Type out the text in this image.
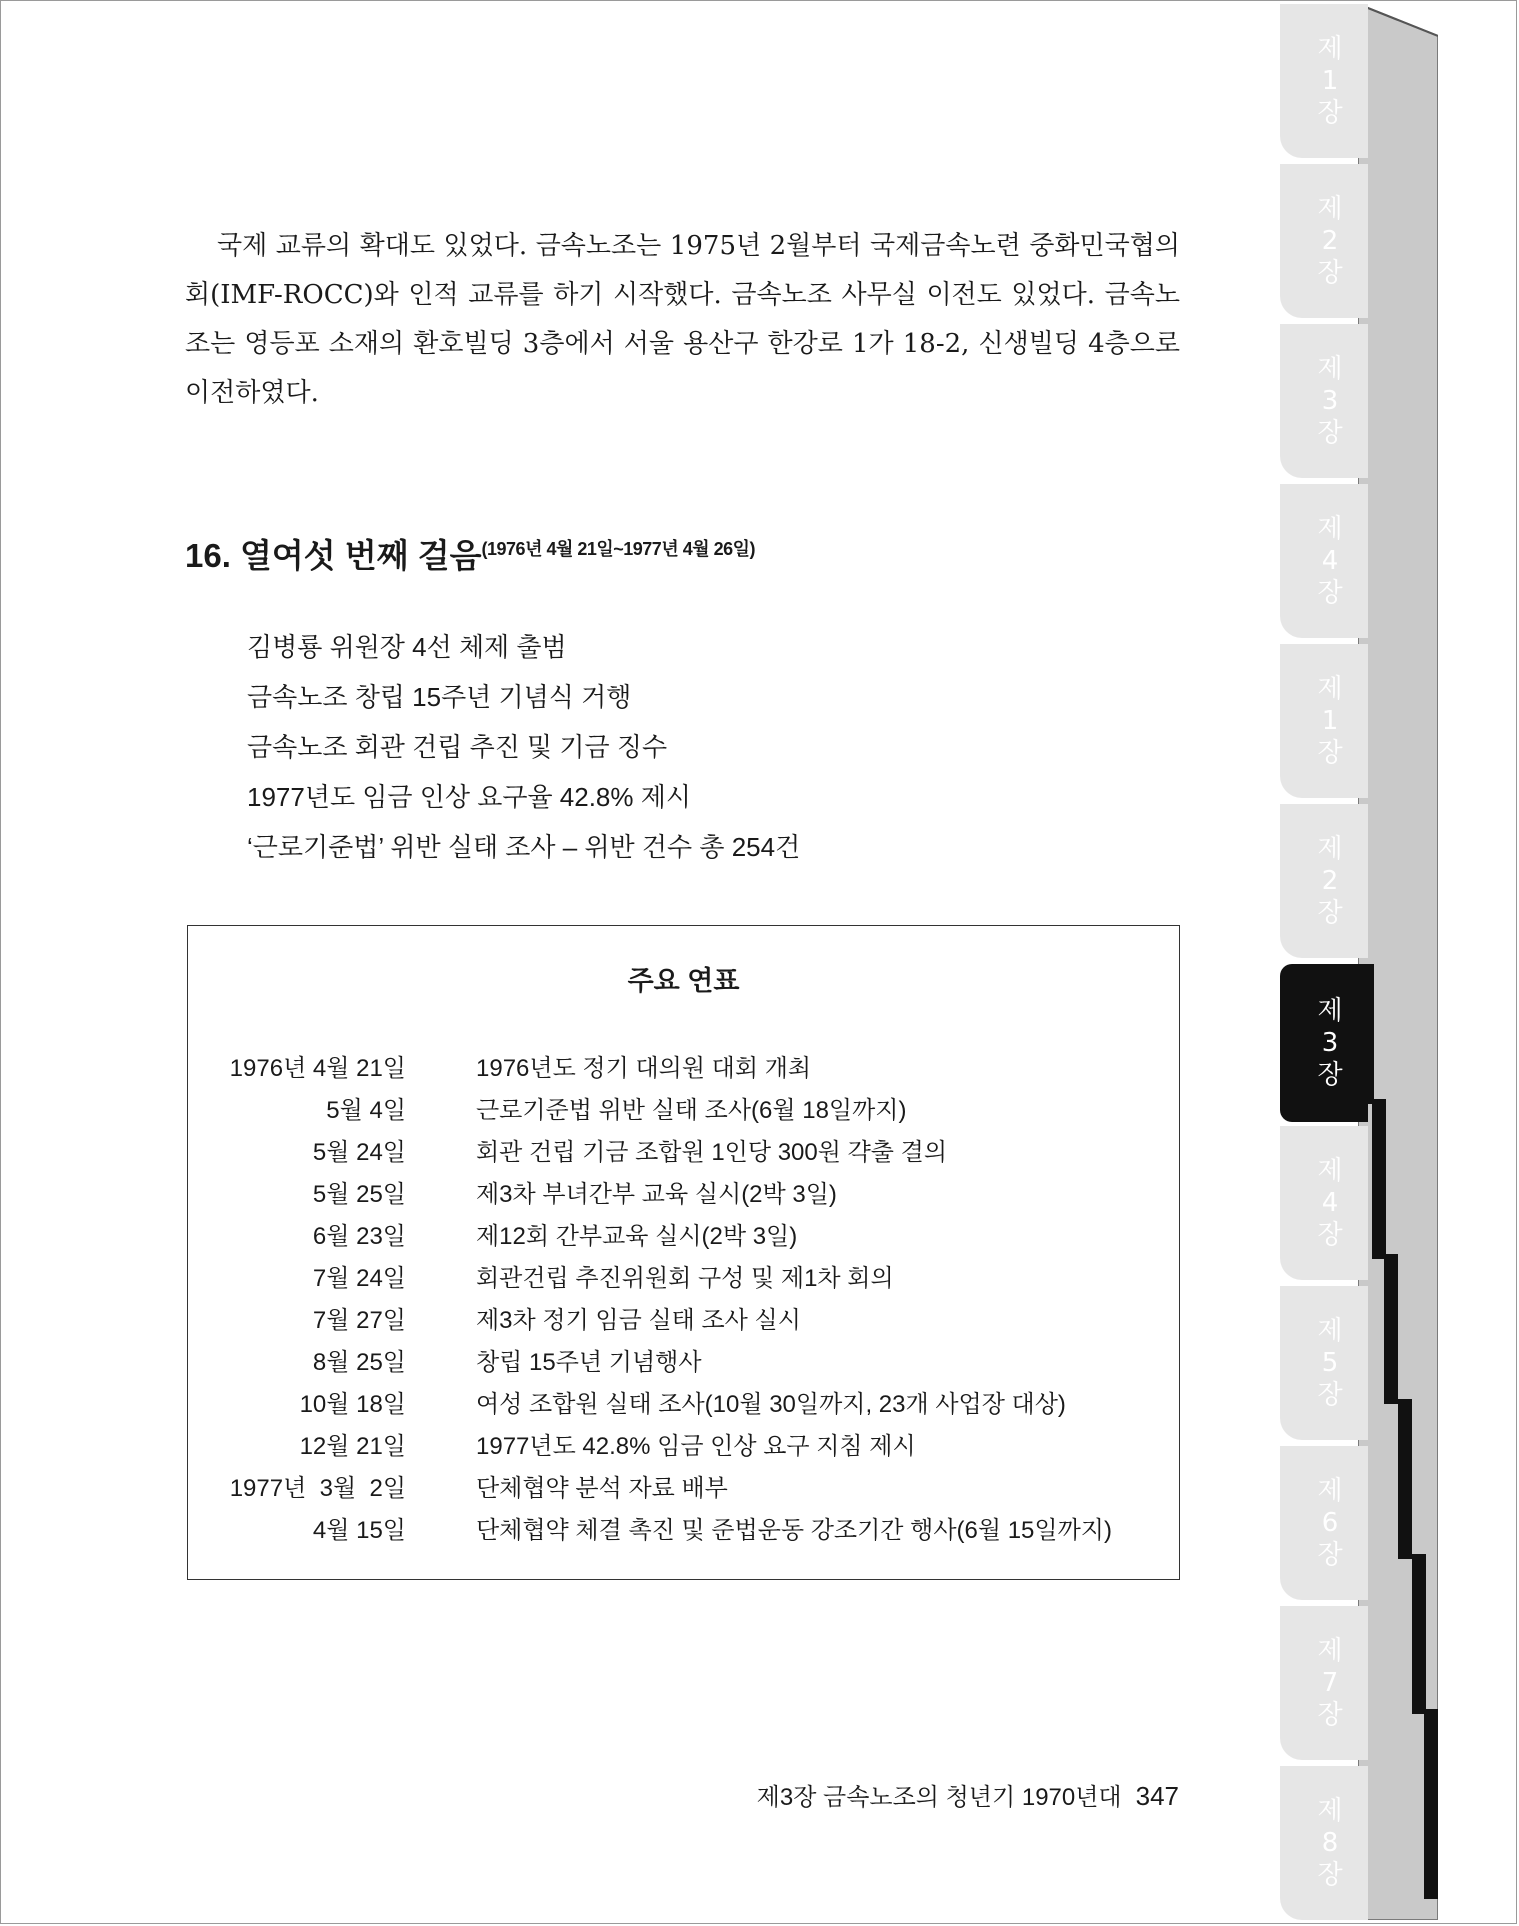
제
1
장
제
2
장
제
3
장
제
4
장
제
1
장
제
2
장
제
3
장
제
4
장
제
5
장
제
6
장
제
7
장
제
8
장

국제 교류의 확대도 있었다. 금속노조는 1975년 2월부터 국제금속노련 중화민국협의회(IMF-ROCC)와 인적 교류를 하기 시작했다. 금속노조 사무실 이전도 있었다. 금속노조는 영등포 소재의 환호빌딩 3층에서 서울 용산구 한강로 1가 18-2, 신생빌딩 4층으로 이전하였다.

16. 열여섯 번째 걸음$^{(1976년 4월 21일\sim 1977년 4월 26일)}$
김병룡 위원장 4선 체제 출범
금속노조 창립 15주년 기념식 거행
금속노조 회관 건립 추진 및 기금 징수
1977년도 임금 인상 요구율 42.8% 제시
‘근로기준법’ 위반 실태 조사 – 위반 건수 총 254건
주요 연표
1976년 4월 21일	1976년도 정기 대의원 대회 개최
5월 4일	근로기준법 위반 실태 조사(6월 18일까지)
5월 24일	회관 건립 기금 조합원 1인당 300원 갹출 결의
5월 25일	제3차 부녀간부 교육 실시(2박 3일)
6월 23일	제12회 간부교육 실시(2박 3일)
7월 24일	회관건립 추진위원회 구성 및 제1차 회의
7월 27일	제3차 정기 임금 실태 조사 실시
8월 25일	창립 15주년 기념행사
10월 18일	여성 조합원 실태 조사(10월 30일까지, 23개 사업장 대상)
12월 21일	1977년도 42.8% 임금 인상 요구 지침 제시
1977년  3월  2일	단체협약 분석 자료 배부
4월 15일	단체협약 체결 촉진 및 준법운동 강조기간 행사(6월 15일까지)
제3장 금속노조의 청년기 1970년대 347
